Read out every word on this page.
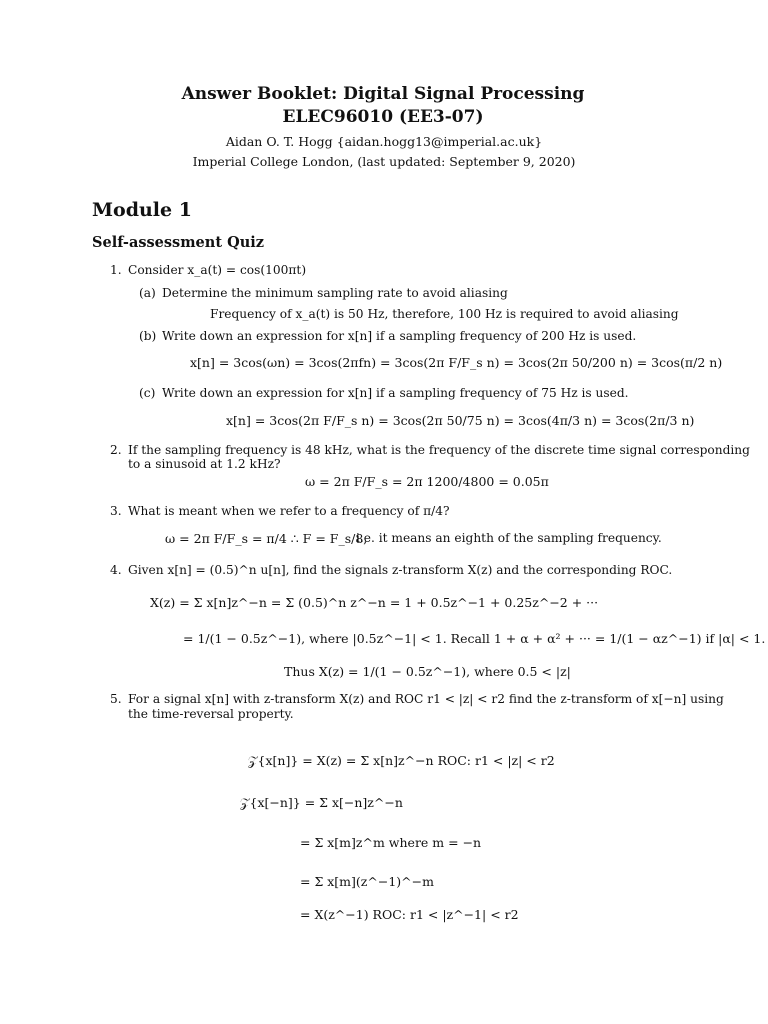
Answer Booklet: Digital Signal Processing
ELEC96010 (EE3-07)
Aidan O. T. Hogg {aidan.hogg13@imperial.ac.uk}
Imperial College London, (last updated: September 9, 2020)
Module 1
Self-assessment Quiz
1. Consider x_a(t) = cos(100πt)
(a) Determine the minimum sampling rate to avoid aliasing
Frequency of x_a(t) is 50 Hz, therefore, 100 Hz is required to avoid aliasing
(b) Write down an expression for x[n] if a sampling frequency of 200 Hz is used.
x[n] = 3cos(ωn) = 3cos(2πfn) = 3cos(2π F/F_s n) = 3cos(2π 50/200 n) = 3cos(π/2 n)
(c) Write down an expression for x[n] if a sampling frequency of 75 Hz is used.
x[n] = 3cos(2π F/F_s n) = 3cos(2π 50/75 n) = 3cos(4π/3 n) = 3cos(2π/3 n)
2. If the sampling frequency is 48 kHz, what is the frequency of the discrete time signal corresponding
to a sinusoid at 1.2 kHz?
ω = 2π F/F_s = 2π 1200/4800 = 0.05π
3. What is meant when we refer to a frequency of π/4?
ω = 2π F/F_s = π/4 ∴ F = F_s/8,
i.e. it means an eighth of the sampling frequency.
4. Given x[n] = (0.5)^n u[n], find the signals z-transform X(z) and the corresponding ROC.
X(z) = Σ x[n]z^−n = Σ (0.5)^n z^−n = 1 + 0.5z^−1 + 0.25z^−2 + ···
= 1/(1 − 0.5z^−1), where |0.5z^−1| < 1. Recall 1 + α + α² + ··· = 1/(1 − αz^−1) if |α| < 1.
Thus X(z) = 1/(1 − 0.5z^−1), where 0.5 < |z|
5. For a signal x[n] with z-transform X(z) and ROC r1 < |z| < r2 find the z-transform of x[−n] using
the time-reversal property.
𝒵{x[n]} = X(z) = Σ x[n]z^−n ROC: r1 < |z| < r2
𝒵{x[−n]} = Σ x[−n]z^−n
= Σ x[m]z^m where m = −n
= Σ x[m](z^−1)^−m
= X(z^−1) ROC: r1 < |z^−1| < r2
